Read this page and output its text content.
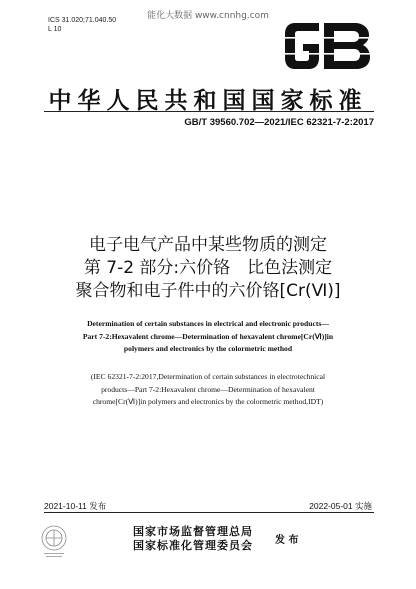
能化大数据 www.cnnhg.com
ICS 31.020;71.040.50
L 10
GB
中华人民共和国国家标准
GB/T 39560.702—2021/IEC 62321-7-2:2017
电子电气产品中某些物质的测定
第 7-2 部分:六价铬　比色法测定
聚合物和电子件中的六价铬[Cr(Ⅵ)]
Determination of certain substances in electrical and electronic products—
Part 7-2:Hexavalent chrome—Determination of hexavalent chrome[Cr(Ⅵ)]in
polymers and electronics by the colormetric method
(IEC 62321-7-2:2017,Determination of certain substances in electrotechnical
products—Part 7-2:Hexavalent chrome—Determination of hexavalent
chrome[Cr(Ⅵ)]in polymers and electronics by the colormetric method,IDT)
2021-10-11 发布	2022-05-01 实施
国家市场监督管理总局
国家标准化管理委员会 发 布
